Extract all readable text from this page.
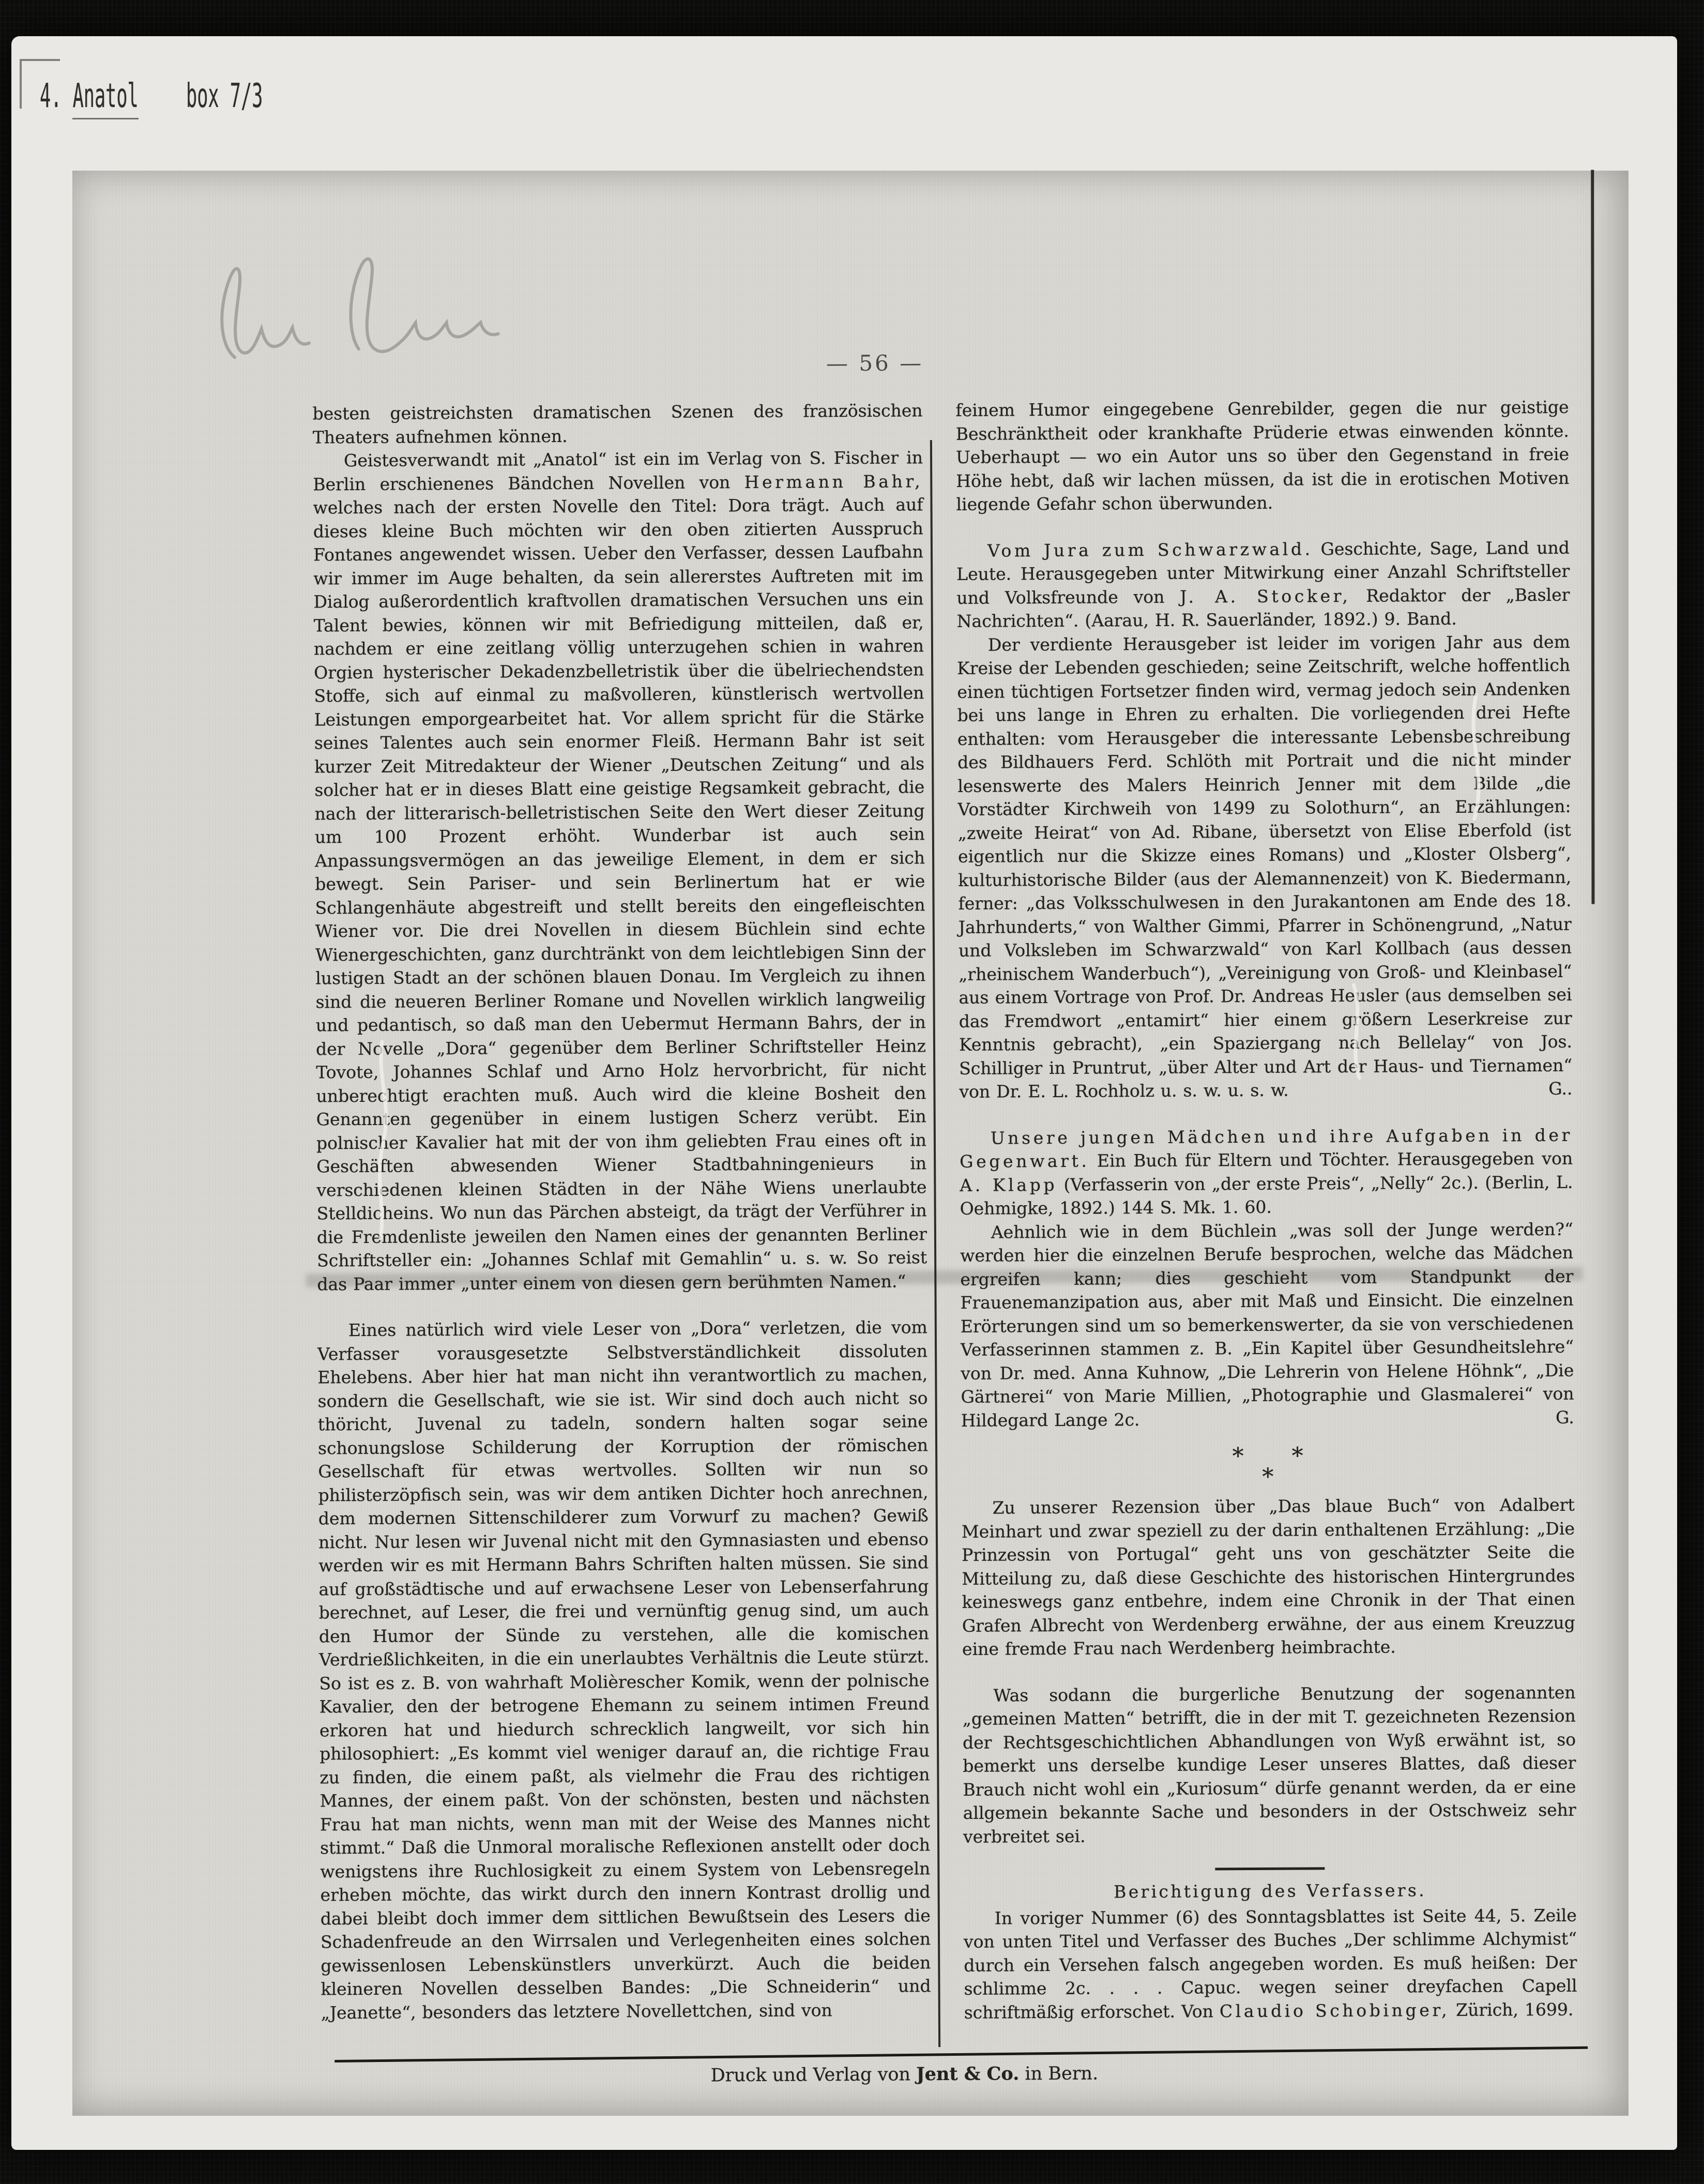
4. Anatol box 7/3
— 56 —

besten geistreichsten dramatischen Szenen des französischen Theaters aufnehmen können.

Geistesverwandt mit „Anatol“ ist ein im Verlag von S. Fischer in Berlin erschienenes Bändchen Novellen von Hermann Bahr, welches nach der ersten Novelle den Titel: Dora trägt. Auch auf dieses kleine Buch möchten wir den oben zitierten Ausspruch Fontanes angewendet wissen. Ueber den Verfasser, dessen Laufbahn wir immer im Auge behalten, da sein allererstes Auftreten mit im Dialog außerordentlich kraftvollen dramatischen Versuchen uns ein Talent bewies, können wir mit Befriedigung mitteilen, daß er, nachdem er eine zeitlang völlig unterzugehen schien in wahren Orgien hysterischer Dekadenzbelletristik über die übelriechendsten Stoffe, sich auf einmal zu maßvolleren, künstlerisch wertvollen Leistungen emporgearbeitet hat. Vor allem spricht für die Stärke seines Talentes auch sein enormer Fleiß. Hermann Bahr ist seit kurzer Zeit Mitredakteur der Wiener „Deutschen Zeitung“ und als solcher hat er in dieses Blatt eine geistige Regsamkeit gebracht, die nach der litterarisch-belletristischen Seite den Wert dieser Zeitung um 100 Prozent erhöht. Wunderbar ist auch sein Anpassungsvermögen an das jeweilige Element, in dem er sich bewegt. Sein Pariser- und sein Berlinertum hat er wie Schlangenhäute abgestreift und stellt bereits den eingefleischten Wiener vor. Die drei Novellen in diesem Büchlein sind echte Wienergeschichten, ganz durchtränkt von dem leichtlebigen Sinn der lustigen Stadt an der schönen blauen Donau. Im Vergleich zu ihnen sind die neueren Berliner Romane und Novellen wirklich langweilig und pedantisch, so daß man den Uebermut Hermann Bahrs, der in der Novelle „Dora“ gegenüber dem Berliner Schriftsteller Heinz Tovote, Johannes Schlaf und Arno Holz hervorbricht, für nicht unberechtigt erachten muß. Auch wird die kleine Bosheit den Genannten gegenüber in einem lustigen Scherz verübt. Ein polnischer Kavalier hat mit der von ihm geliebten Frau eines oft in Geschäften abwesenden Wiener Stadtbahningenieurs in verschiedenen kleinen Städten in der Nähe Wiens unerlaubte Stelldicheins. Wo nun das Pärchen absteigt, da trägt der Verführer in die Fremdenliste jeweilen den Namen eines der genannten Berliner Schriftsteller ein: „Johannes Schlaf mit Gemahlin“ u. s. w. So reist das Paar immer „unter einem von diesen gern berühmten Namen.“

Eines natürlich wird viele Leser von „Dora“ verletzen, die vom Verfasser vorausgesetzte Selbstverständlichkeit dissoluten Ehelebens. Aber hier hat man nicht ihn verantwortlich zu machen, sondern die Gesellschaft, wie sie ist. Wir sind doch auch nicht so thöricht, Juvenal zu tadeln, sondern halten sogar seine schonungslose Schilderung der Korruption der römischen Gesellschaft für etwas wertvolles. Sollten wir nun so philisterzöpfisch sein, was wir dem antiken Dichter hoch anrechnen, dem modernen Sittenschilderer zum Vorwurf zu machen? Gewiß nicht. Nur lesen wir Juvenal nicht mit den Gymnasiasten und ebenso werden wir es mit Hermann Bahrs Schriften halten müssen. Sie sind auf großstädtische und auf erwachsene Leser von Lebenserfahrung berechnet, auf Leser, die frei und vernünftig genug sind, um auch den Humor der Sünde zu verstehen, alle die komischen Verdrießlichkeiten, in die ein unerlaubtes Verhältnis die Leute stürzt. So ist es z. B. von wahrhaft Molièrescher Komik, wenn der polnische Kavalier, den der betrogene Ehemann zu seinem intimen Freund erkoren hat und hiedurch schrecklich langweilt, vor sich hin philosophiert: „Es kommt viel weniger darauf an, die richtige Frau zu finden, die einem paßt, als vielmehr die Frau des richtigen Mannes, der einem paßt. Von der schönsten, besten und nächsten Frau hat man nichts, wenn man mit der Weise des Mannes nicht stimmt.“ Daß die Unmoral moralische Reflexionen anstellt oder doch wenigstens ihre Ruchlosigkeit zu einem System von Lebensregeln erheben möchte, das wirkt durch den innern Kontrast drollig und dabei bleibt doch immer dem sittlichen Bewußtsein des Lesers die Schadenfreude an den Wirrsalen und Verlegenheiten eines solchen gewissenlosen Lebenskünstlers unverkürzt. Auch die beiden kleineren Novellen desselben Bandes: „Die Schneiderin“ und „Jeanette“, besonders das letztere Novellettchen, sind von

feinem Humor eingegebene Genrebilder, gegen die nur geistige Beschränktheit oder krankhafte Prüderie etwas einwenden könnte. Ueberhaupt — wo ein Autor uns so über den Gegenstand in freie Höhe hebt, daß wir lachen müssen, da ist die in erotischen Motiven liegende Gefahr schon überwunden.

Vom Jura zum Schwarzwald. Geschichte, Sage, Land und Leute. Herausgegeben unter Mitwirkung einer Anzahl Schriftsteller und Volksfreunde von J. A. Stocker, Redaktor der „Basler Nachrichten“. (Aarau, H. R. Sauerländer, 1892.) 9. Band.

Der verdiente Herausgeber ist leider im vorigen Jahr aus dem Kreise der Lebenden geschieden; seine Zeitschrift, welche hoffentlich einen tüchtigen Fortsetzer finden wird, vermag jedoch sein Andenken bei uns lange in Ehren zu erhalten. Die vorliegenden drei Hefte enthalten: vom Herausgeber die interessante Lebensbeschreibung des Bildhauers Ferd. Schlöth mit Portrait und die nicht minder lesenswerte des Malers Heinrich Jenner mit dem Bilde „die Vorstädter Kirchweih von 1499 zu Solothurn“, an Erzählungen: „zweite Heirat“ von Ad. Ribane, übersetzt von Elise Eberfold (ist eigentlich nur die Skizze eines Romans) und „Kloster Olsberg“, kulturhistorische Bilder (aus der Alemannenzeit) von K. Biedermann, ferner: „das Volksschulwesen in den Jurakantonen am Ende des 18. Jahrhunderts,“ von Walther Gimmi, Pfarrer in Schönengrund, „Natur und Volksleben im Schwarzwald“ von Karl Kollbach (aus dessen „rheinischem Wanderbuch“), „Vereinigung von Groß- und Kleinbasel“ aus einem Vortrage von Prof. Dr. Andreas Heusler (aus demselben sei das Fremdwort „entamirt“ hier einem größern Leserkreise zur Kenntnis gebracht), „ein Spaziergang nach Bellelay“ von Jos. Schilliger in Pruntrut, „über Alter und Art der Haus- und Tiernamen“ von Dr. E. L. Rochholz u. s. w. u. s. w.	G..

Unsere jungen Mädchen und ihre Aufgaben in der Gegenwart. Ein Buch für Eltern und Töchter. Herausgegeben von A. Klapp (Verfasserin von „der erste Preis“, „Nelly“ 2c.). (Berlin, L. Oehmigke, 1892.) 144 S. Mk. 1. 60.

Aehnlich wie in dem Büchlein „was soll der Junge werden?“ werden hier die einzelnen Berufe besprochen, welche das Mädchen ergreifen kann; dies geschieht vom Standpunkt der Frauenemanzipation aus, aber mit Maß und Einsicht. Die einzelnen Erörterungen sind um so bemerkenswerter, da sie von verschiedenen Verfasserinnen stammen z. B. „Ein Kapitel über Gesundheitslehre“ von Dr. med. Anna Kuhnow, „Die Lehrerin von Helene Höhnk“, „Die Gärtnerei“ von Marie Millien, „Photographie und Glasmalerei“ von Hildegard Lange 2c.	G.

*      *
*

Zu unserer Rezension über „Das blaue Buch“ von Adalbert Meinhart und zwar speziell zu der darin enthaltenen Erzählung: „Die Prinzessin von Portugal“ geht uns von geschätzter Seite die Mitteilung zu, daß diese Geschichte des historischen Hintergrundes keineswegs ganz entbehre, indem eine Chronik in der That einen Grafen Albrecht von Werdenberg erwähne, der aus einem Kreuzzug eine fremde Frau nach Werdenberg heimbrachte.

Was sodann die burgerliche Benutzung der sogenannten „gemeinen Matten“ betrifft, die in der mit T. gezeichneten Rezension der Rechtsgeschichtlichen Abhandlungen von Wyß erwähnt ist, so bemerkt uns derselbe kundige Leser unseres Blattes, daß dieser Brauch nicht wohl ein „Kuriosum“ dürfe genannt werden, da er eine allgemein bekannte Sache und besonders in der Ostschweiz sehr verbreitet sei.

Berichtigung des Verfassers.

In voriger Nummer (6) des Sonntagsblattes ist Seite 44, 5. Zeile von unten Titel und Verfasser des Buches „Der schlimme Alchymist“ durch ein Versehen falsch angegeben worden. Es muß heißen: Der schlimme 2c. . . . Capuc. wegen seiner dreyfachen Capell schriftmäßig erforschet. Von Claudio Schobinger, Zürich, 1699.

Druck und Verlag von Jent & Co. in Bern.
